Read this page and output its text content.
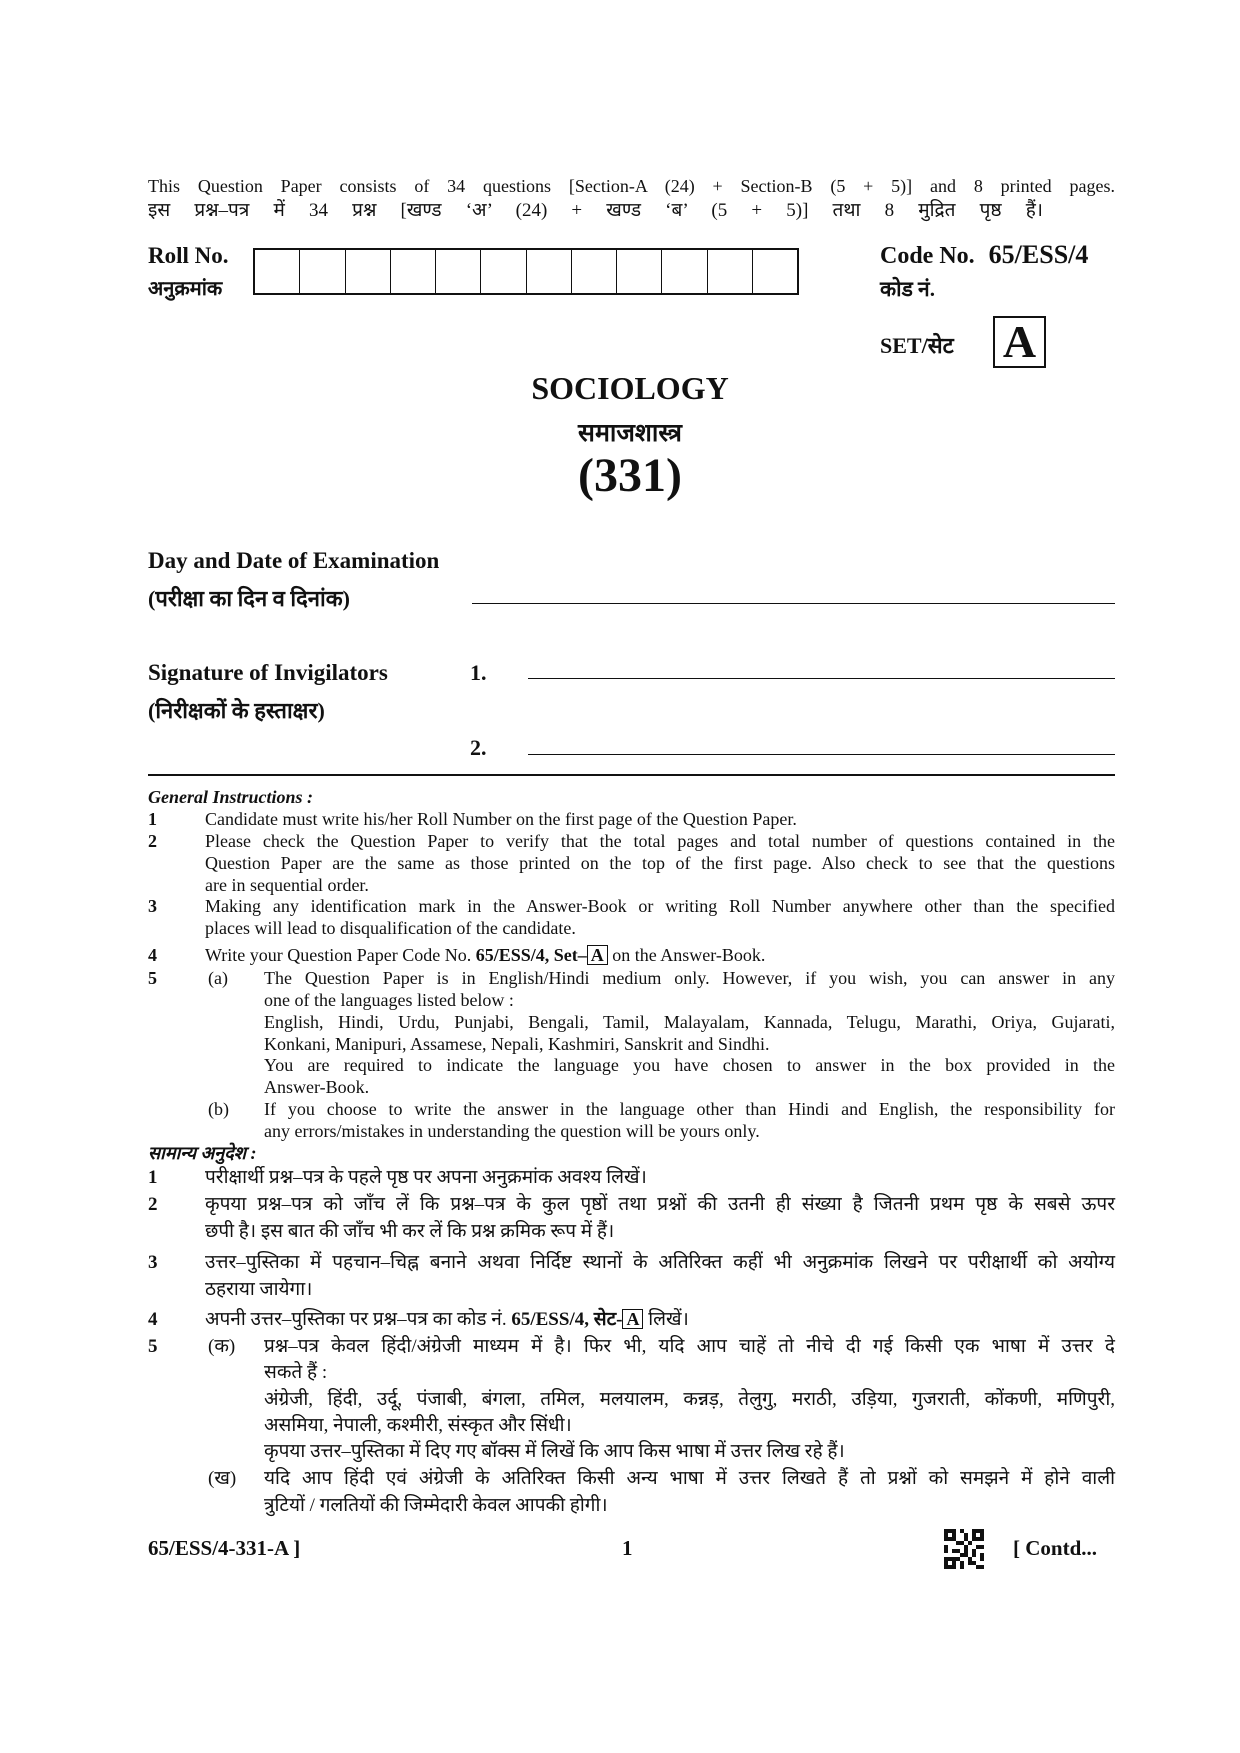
This Question Paper consists of 34 questions [Section-A (24) + Section-B (5 + 5)] and 8 printed pages.
इस प्रश्न–पत्र में 34 प्रश्न [खण्ड ‘अ’ (24) + खण्ड ‘ब’ (5 + 5)] तथा 8 मुद्रित पृष्ठ हैं।
Roll No.
अनुक्रमांक
Code No. 65/ESS/4
कोड नं.
SET/सेट A
SOCIOLOGY
समाजशास्त्र
(331)
Day and Date of Examination
(परीक्षा का दिन व दिनांक)
Signature of Invigilators
(निरीक्षकों के हस्ताक्षर)
1.
2.
General Instructions :
1	Candidate must write his/her Roll Number on the first page of the Question Paper.
2	Please check the Question Paper to verify that the total pages and total number of questions contained in the
Question Paper are the same as those printed on the top of the first page. Also check to see that the questions
are in sequential order.
3	Making any identification mark in the Answer-Book or writing Roll Number anywhere other than the specified
places will lead to disqualification of the candidate.
4	Write your Question Paper Code No. 65/ESS/4, Set– A on the Answer-Book.
5	(a) The Question Paper is in English/Hindi medium only. However, if you wish, you can answer in any
one of the languages listed below :
English, Hindi, Urdu, Punjabi, Bengali, Tamil, Malayalam, Kannada, Telugu, Marathi, Oriya, Gujarati,
Konkani, Manipuri, Assamese, Nepali, Kashmiri, Sanskrit and Sindhi.
You are required to indicate the language you have chosen to answer in the box provided in the
Answer-Book.
(b) If you choose to write the answer in the language other than Hindi and English, the responsibility for
any errors/mistakes in understanding the question will be yours only.
सामान्य अनुदेश :
1	परीक्षार्थी प्रश्न–पत्र के पहले पृष्ठ पर अपना अनुक्रमांक अवश्य लिखें।
2	कृपया प्रश्न–पत्र को जाँच लें कि प्रश्न–पत्र के कुल पृष्ठों तथा प्रश्नों की उतनी ही संख्या है जितनी प्रथम पृष्ठ के सबसे ऊपर
छपी है। इस बात की जाँच भी कर लें कि प्रश्न क्रमिक रूप में हैं।
3	उत्तर–पुस्तिका में पहचान–चिह्न बनाने अथवा निर्दिष्ट स्थानों के अतिरिक्त कहीं भी अनुक्रमांक लिखने पर परीक्षार्थी को अयोग्य
ठहराया जायेगा।
4	अपनी उत्तर–पुस्तिका पर प्रश्न–पत्र का कोड नं. 65/ESS/4, सेट- A लिखें।
5	(क) प्रश्न–पत्र केवल हिंदी/अंग्रेजी माध्यम में है। फिर भी, यदि आप चाहें तो नीचे दी गई किसी एक भाषा में उत्तर दे
सकते हैं :
अंग्रेजी, हिंदी, उर्दू, पंजाबी, बंगला, तमिल, मलयालम, कन्नड़, तेलुगु, मराठी, उड़िया, गुजराती, कोंकणी, मणिपुरी,
असमिया, नेपाली, कश्मीरी, संस्कृत और सिंधी।
कृपया उत्तर–पुस्तिका में दिए गए बॉक्स में लिखें कि आप किस भाषा में उत्तर लिख रहे हैं।
(ख) यदि आप हिंदी एवं अंग्रेजी के अतिरिक्त किसी अन्य भाषा में उत्तर लिखते हैं तो प्रश्नों को समझने में होने वाली
त्रुटियों / गलतियों की जिम्मेदारी केवल आपकी होगी।
65/ESS/4-331-A ]	1	[ Contd...
